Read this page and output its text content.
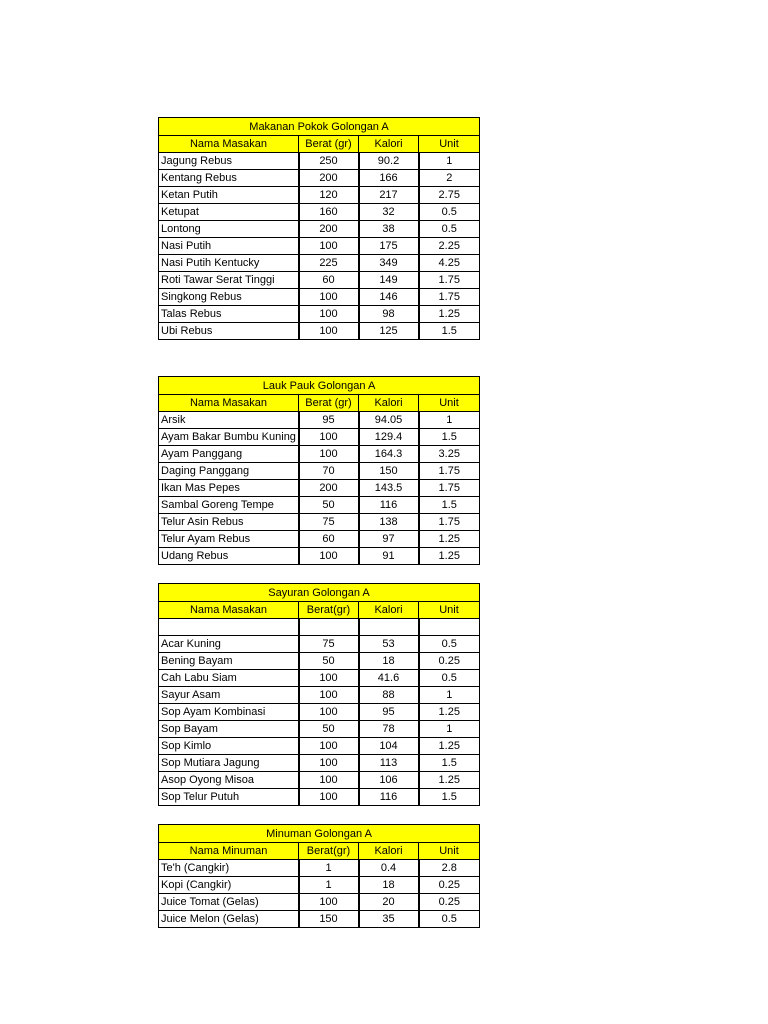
Makanan Pokok Golongan A			
Nama Masakan	Berat (gr)	Kalori	Unit
Jagung Rebus	250	90.2	1
Kentang Rebus	200	166	2
Ketan Putih	120	217	2.75
Ketupat	160	32	0.5
Lontong	200	38	0.5
Nasi Putih	100	175	2.25
Nasi Putih Kentucky	225	349	4.25
Roti Tawar Serat Tinggi	60	149	1.75
Singkong Rebus	100	146	1.75
Talas Rebus	100	98	1.25
Ubi Rebus	100	125	1.5
Lauk Pauk Golongan A			
Nama Masakan	Berat (gr)	Kalori	Unit
Arsik	95	94.05	1
Ayam Bakar Bumbu Kuning	100	129.4	1.5
Ayam Panggang	100	164.3	3.25
Daging Panggang	70	150	1.75
Ikan Mas Pepes	200	143.5	1.75
Sambal Goreng Tempe	50	116	1.5
Telur Asin Rebus	75	138	1.75
Telur Ayam Rebus	60	97	1.25
Udang Rebus	100	91	1.25
Sayuran Golongan A			
Nama Masakan	Berat(gr)	Kalori	Unit

Acar Kuning	75	53	0.5
Bening Bayam	50	18	0.25
Cah Labu Siam	100	41.6	0.5
Sayur Asam	100	88	1
Sop Ayam Kombinasi	100	95	1.25
Sop Bayam	50	78	1
Sop Kimlo	100	104	1.25
Sop Mutiara Jagung	100	113	1.5
Asop Oyong Misoa	100	106	1.25
Sop Telur Putuh	100	116	1.5
Minuman Golongan A			
Nama Minuman	Berat(gr)	Kalori	Unit
Te'h (Cangkir)	1	0.4	2.8
Kopi (Cangkir)	1	18	0.25
Juice Tomat (Gelas)	100	20	0.25
Juice Melon (Gelas)	150	35	0.5
